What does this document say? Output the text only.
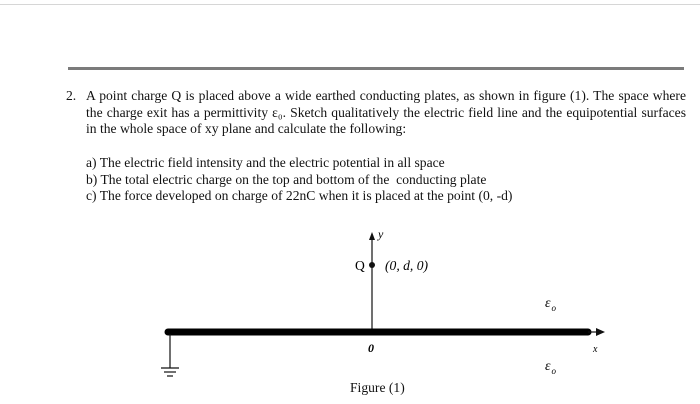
2. A point charge Q is placed above a wide earthed conducting plates, as shown in figure (1). The space where the charge exit has a permittivity ε₀. Sketch qualitatively the electric field line and the equipotential surfaces in the whole space of xy plane and calculate the following:
a) The electric field intensity and the electric potential in all space
b) The total electric charge on the top and bottom of the  conducting plate
c) The force developed on charge of 22nC when it is placed at the point (0, -d)
y
Q (0, d, 0)
$\varepsilon_o$
$\varepsilon_o$
x
0
Figure (1)
